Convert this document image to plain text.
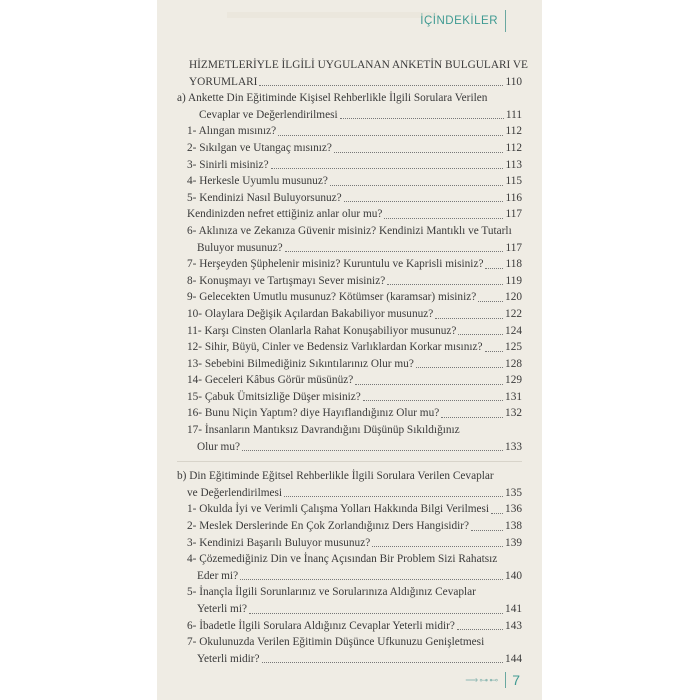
İÇİNDEKİLER
HİZMETLERİYLE İLGİLİ UYGULANAN ANKETİN BULGULARI VE
YORUMLARI	110
a) Ankette Din Eğitiminde Kişisel Rehberlikle İlgili Sorulara Verilen
Cevaplar ve Değerlendirilmesi	111
1- Alıngan mısınız?	112
2- Sıkılgan ve Utangaç mısınız?	112
3- Sinirli misiniz?	113
4- Herkesle Uyumlu musunuz?	115
5- Kendinizi Nasıl Buluyorsunuz?	116
Kendinizden nefret ettiğiniz anlar olur mu?	117
6- Aklınıza ve Zekanıza Güvenir misiniz? Kendinizi Mantıklı ve Tutarlı
Buluyor musunuz?	117
7- Herşeyden Şüphelenir misiniz? Kuruntulu ve Kaprisli misiniz? 118
8- Konuşmayı ve Tartışmayı Sever misiniz?	119
9- Gelecekten Umutlu musunuz? Kötümser (karamsar) misiniz?	120
10- Olaylara Değişik Açılardan Bakabiliyor musunuz?	122
11- Karşı Cinsten Olanlarla Rahat Konuşabiliyor musunuz?	124
12- Sihir, Büyü, Cinler ve Bedensiz Varlıklardan Korkar mısınız? 125
13- Sebebini Bilmediğiniz Sıkıntılarınız Olur mu?	128
14- Geceleri Kâbus Görür müsünüz?	129
15- Çabuk Ümitsizliğe Düşer misiniz?	131
16- Bunu Niçin Yaptım? diye Hayıflandığınız Olur mu?	132
17- İnsanların Mantıksız Davrandığını Düşünüp Sıkıldığınız
Olur mu?	133
b) Din Eğitiminde Eğitsel Rehberlikle İlgili Sorulara Verilen Cevaplar
ve Değerlendirilmesi	135
1- Okulda İyi ve Verimli Çalışma Yolları Hakkında Bilgi Verilmesi 136
2- Meslek Derslerinde En Çok Zorlandığınız Ders Hangisidir?	138
3- Kendinizi Başarılı Buluyor musunuz?	139
4- Çözemediğiniz Din ve İnanç Açısından Bir Problem Sizi Rahatsız
Eder mi?	140
5- İnançla İlgili Sorunlarınız ve Sorularınıza Aldığınız Cevaplar
Yeterli mi?	141
6- İbadetle İlgili Sorulara Aldığınız Cevaplar Yeterli midir?	143
7- Okulunuzda Verilen Eğitimin Düşünce Ufkunuzu Genişletmesi
Yeterli midir?	144
⟶⊶⊷ 7
